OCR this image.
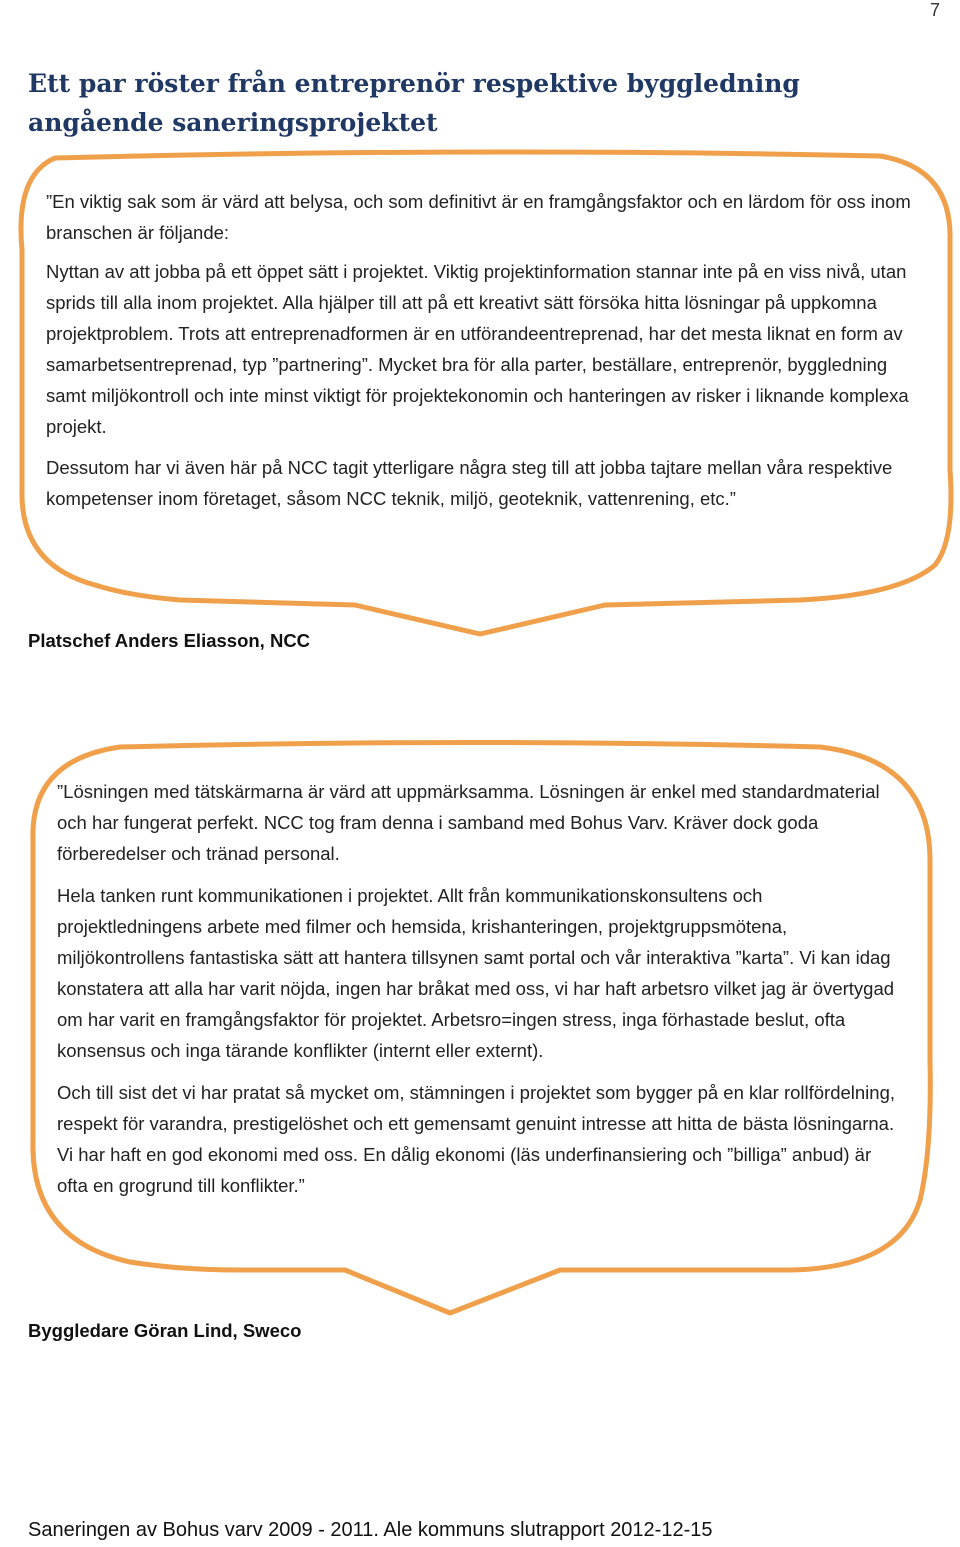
7
Ett par röster från entreprenör respektive byggledning angående saneringsprojektet

”En viktig sak som är värd att belysa, och som definitivt är en framgångsfaktor och en lärdom för oss inom branschen är följande:

Nyttan av att jobba på ett öppet sätt i projektet. Viktig projektinformation stannar inte på en viss nivå, utan sprids till alla inom projektet. Alla hjälper till att på ett kreativt sätt försöka hitta lösningar på uppkomna projektproblem. Trots att entreprenadformen är en utförandeentreprenad, har det mesta liknat en form av samarbetsentreprenad, typ ”partnering”. Mycket bra för alla parter, beställare, entreprenör, byggledning samt miljökontroll och inte minst viktigt för projektekonomin och hanteringen av risker i liknande komplexa projekt.

Dessutom har vi även här på NCC tagit ytterligare några steg till att jobba tajtare mellan våra respektive kompetenser inom företaget, såsom NCC teknik, miljö, geoteknik, vattenrening, etc.”

Platschef Anders Eliasson, NCC

”Lösningen med tätskärmarna är värd att uppmärksamma. Lösningen är enkel med standardmaterial och har fungerat perfekt. NCC tog fram denna i samband med Bohus Varv. Kräver dock goda förberedelser och tränad personal.

Hela tanken runt kommunikationen i projektet. Allt från kommunikationskonsultens och projektledningens arbete med filmer och hemsida, krishanteringen, projektgruppsmötena, miljökontrollens fantastiska sätt att hantera tillsynen samt portal och vår interaktiva ”karta”. Vi kan idag konstatera att alla har varit nöjda, ingen har bråkat med oss, vi har haft arbetsro vilket jag är övertygad om har varit en framgångsfaktor för projektet. Arbetsro=ingen stress, inga förhastade beslut, ofta konsensus och inga tärande konflikter (internt eller externt).

Och till sist det vi har pratat så mycket om, stämningen i projektet som bygger på en klar rollfördelning, respekt för varandra, prestigelöshet och ett gemensamt genuint intresse att hitta de bästa lösningarna. Vi har haft en god ekonomi med oss. En dålig ekonomi (läs underfinansiering och ”billiga” anbud) är ofta en grogrund till konflikter.”

Byggledare Göran Lind, Sweco
Saneringen av Bohus varv 2009 - 2011. Ale kommuns slutrapport 2012-12-15
